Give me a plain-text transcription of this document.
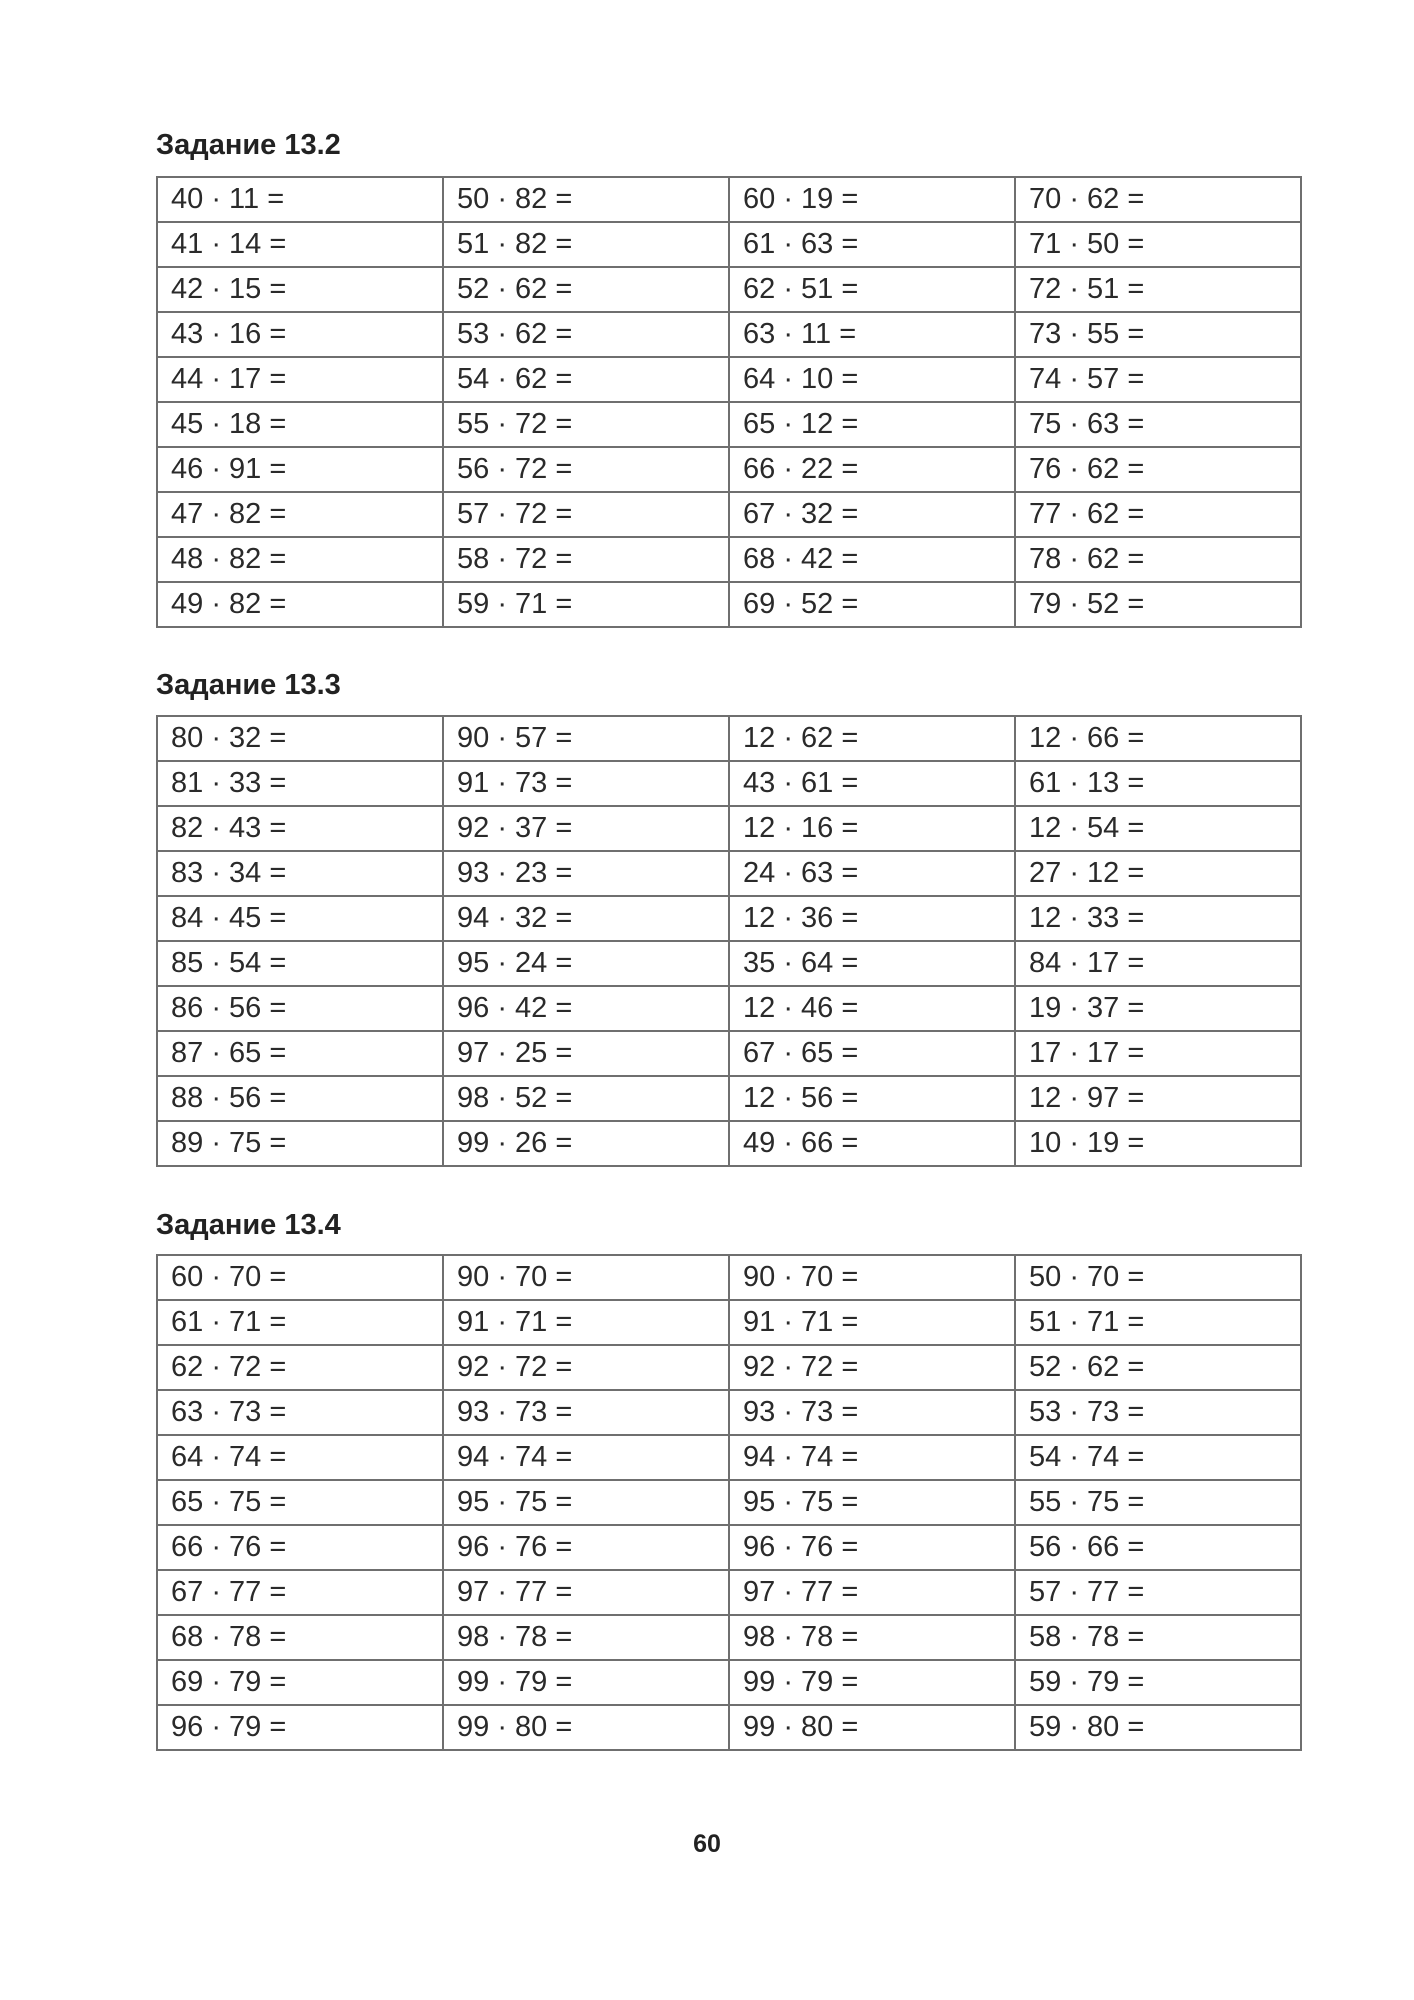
Задание 13.2
40 · 11 =	50 · 82 =	60 · 19 =	70 · 62 =
41 · 14 =	51 · 82 =	61 · 63 =	71 · 50 =
42 · 15 =	52 · 62 =	62 · 51 =	72 · 51 =
43 · 16 =	53 · 62 =	63 · 11 =	73 · 55 =
44 · 17 =	54 · 62 =	64 · 10 =	74 · 57 =
45 · 18 =	55 · 72 =	65 · 12 =	75 · 63 =
46 · 91 =	56 · 72 =	66 · 22 =	76 · 62 =
47 · 82 =	57 · 72 =	67 · 32 =	77 · 62 =
48 · 82 =	58 · 72 =	68 · 42 =	78 · 62 =
49 · 82 =	59 · 71 =	69 · 52 =	79 · 52 =
Задание 13.3
80 · 32 =	90 · 57 =	12 · 62 =	12 · 66 =
81 · 33 =	91 · 73 =	43 · 61 =	61 · 13 =
82 · 43 =	92 · 37 =	12 · 16 =	12 · 54 =
83 · 34 =	93 · 23 =	24 · 63 =	27 · 12 =
84 · 45 =	94 · 32 =	12 · 36 =	12 · 33 =
85 · 54 =	95 · 24 =	35 · 64 =	84 · 17 =
86 · 56 =	96 · 42 =	12 · 46 =	19 · 37 =
87 · 65 =	97 · 25 =	67 · 65 =	17 · 17 =
88 · 56 =	98 · 52 =	12 · 56 =	12 · 97 =
89 · 75 =	99 · 26 =	49 · 66 =	10 · 19 =
Задание 13.4
60 · 70 =	90 · 70 =	90 · 70 =	50 · 70 =
61 · 71 =	91 · 71 =	91 · 71 =	51 · 71 =
62 · 72 =	92 · 72 =	92 · 72 =	52 · 62 =
63 · 73 =	93 · 73 =	93 · 73 =	53 · 73 =
64 · 74 =	94 · 74 =	94 · 74 =	54 · 74 =
65 · 75 =	95 · 75 =	95 · 75 =	55 · 75 =
66 · 76 =	96 · 76 =	96 · 76 =	56 · 66 =
67 · 77 =	97 · 77 =	97 · 77 =	57 · 77 =
68 · 78 =	98 · 78 =	98 · 78 =	58 · 78 =
69 · 79 =	99 · 79 =	99 · 79 =	59 · 79 =
96 · 79 =	99 · 80 =	99 · 80 =	59 · 80 =
60
